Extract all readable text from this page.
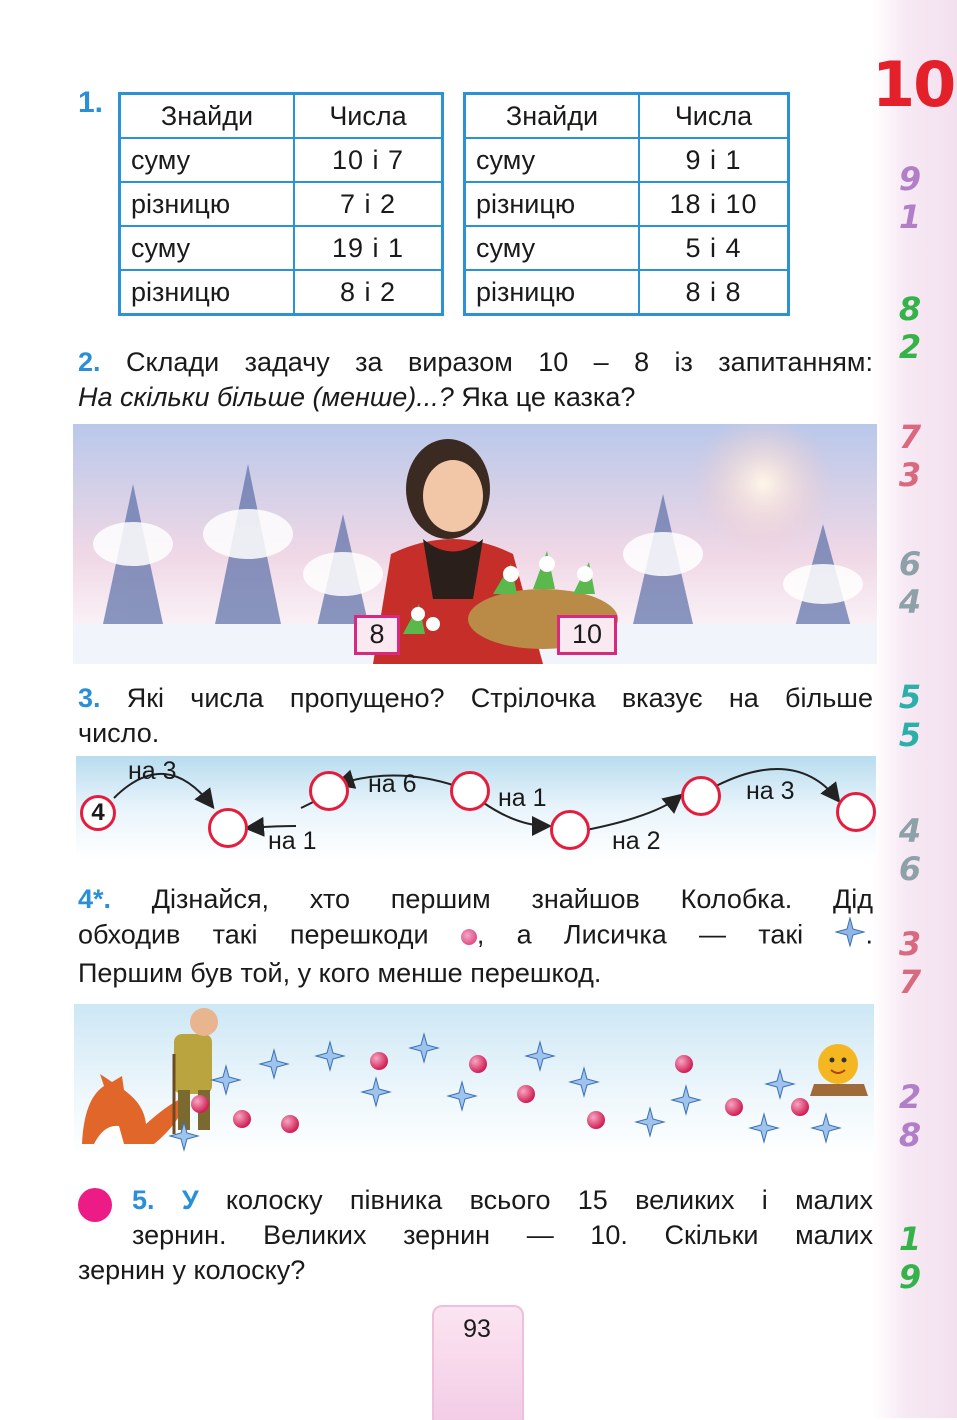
10
9
1
8
2
7
3
6
4
5
5
4
6
3
7
2
8
1
9
1. Знайди	Числа
суму	10 і 7
різницю	7 і 2
суму	19 і 1
різницю	8 і 2
Знайди	Числа
суму	9 і 1
різницю	18 і 10
суму	5 і 4
різницю	8 і 8
2. Склади задачу за виразом 10 – 8 із запитанням:
На скільки більше (менше)...? Яка це казка?
8	10
3. Які числа пропущено? Стрілочка вказує на більше
число.
4
на 3
на 1
на 6	на 1
на 2
на 3
4*. Дізнайся, хто першим знайшов Колобка. Дід
обходив такі перешкоди , а Лисичка — такі .
Першим був той, у кого менше перешкод.
5. У колоску півника всього 15 великих і малих
зернин. Великих зернин — 10. Скільки малих
зернин у колоску?
93
